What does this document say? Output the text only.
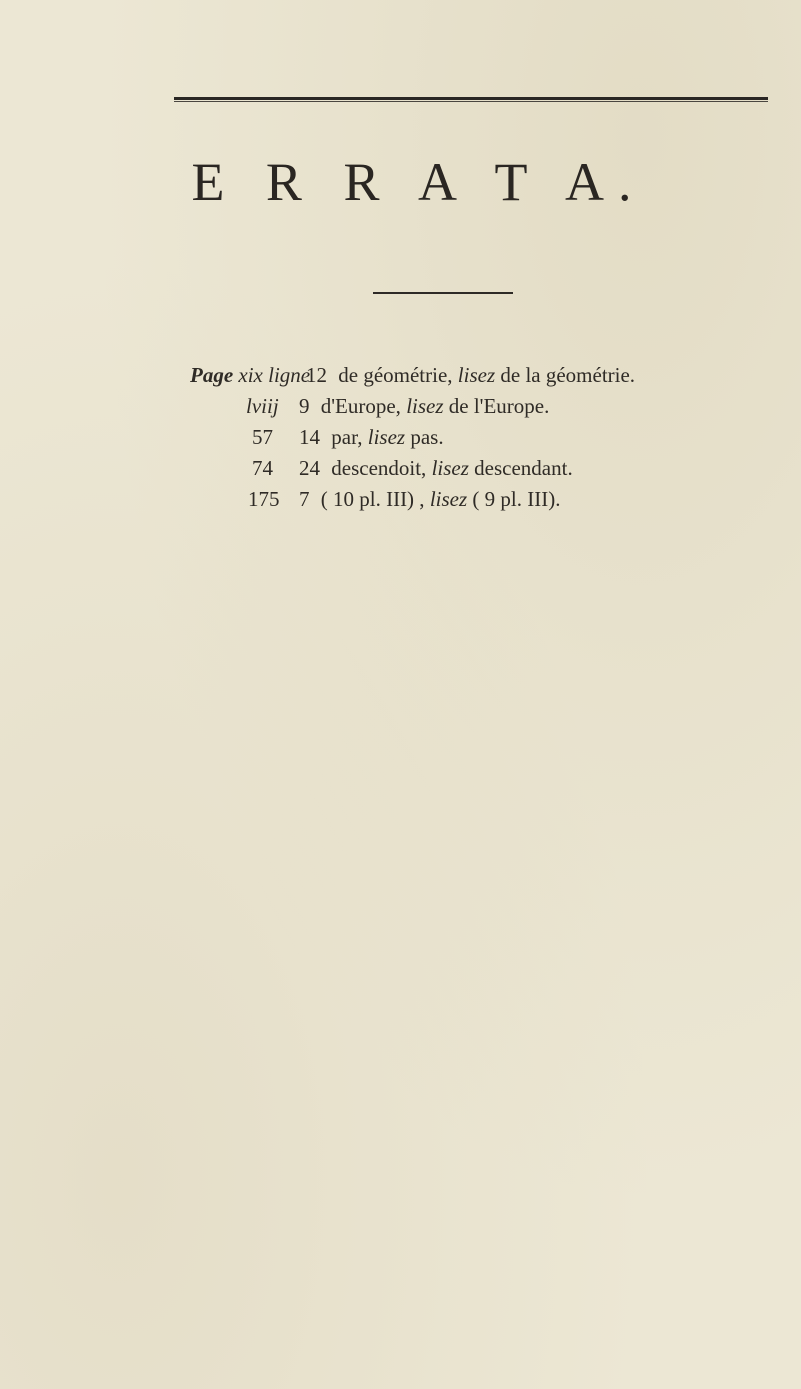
E R R A T A.
Page xix ligne
12 de géométrie, lisez de la géométrie.
lviij 9 d'Europe, lisez de l'Europe.
57 14 par, lisez pas.
74 24 descendoit, lisez descendant.
175 7 ( 10 pl. III) , lisez ( 9 pl. III).
